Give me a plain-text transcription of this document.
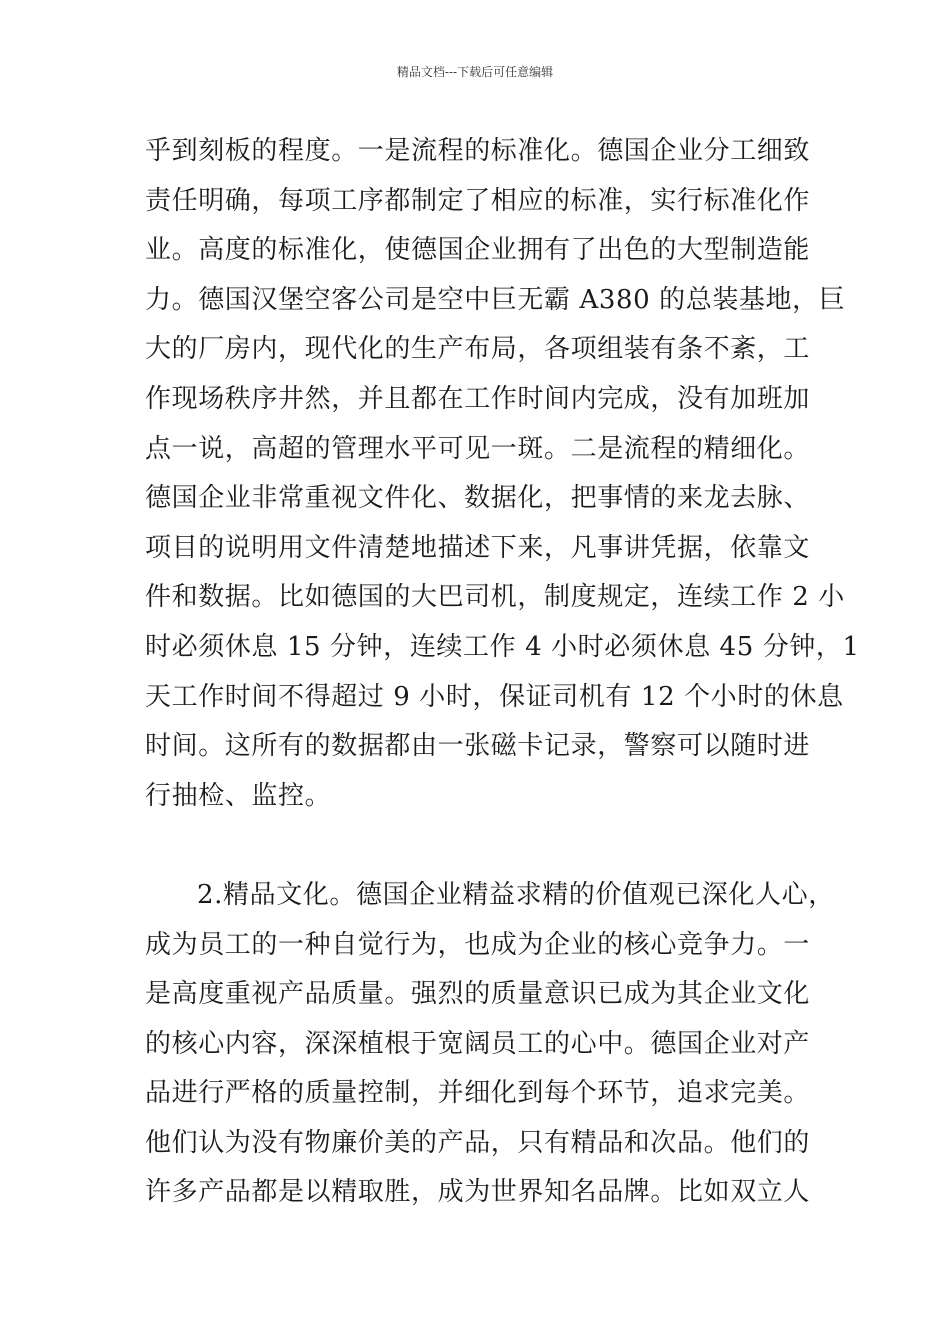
精品文档---下载后可任意编辑
乎到刻板的程度。一是流程的标准化。德国企业分工细致
责任明确，每项工序都制定了相应的标准，实行标准化作
业。高度的标准化，使德国企业拥有了出色的大型制造能
力。德国汉堡空客公司是空中巨无霸 A380 的总装基地，巨
大的厂房内，现代化的生产布局，各项组装有条不紊，工
作现场秩序井然，并且都在工作时间内完成，没有加班加
点一说，高超的管理水平可见一斑。二是流程的精细化。
德国企业非常重视文件化、数据化，把事情的来龙去脉、
项目的说明用文件清楚地描述下来，凡事讲凭据，依靠文
件和数据。比如德国的大巴司机，制度规定，连续工作 2 小
时必须休息 15 分钟，连续工作 4 小时必须休息 45 分钟，1
天工作时间不得超过 9 小时，保证司机有 12 个小时的休息
时间。这所有的数据都由一张磁卡记录，警察可以随时进
行抽检、监控。
2.精品文化。德国企业精益求精的价值观已深化人心，
成为员工的一种自觉行为，也成为企业的核心竞争力。一
是高度重视产品质量。强烈的质量意识已成为其企业文化
的核心内容，深深植根于宽阔员工的心中。德国企业对产
品进行严格的质量控制，并细化到每个环节，追求完美。
他们认为没有物廉价美的产品，只有精品和次品。他们的
许多产品都是以精取胜，成为世界知名品牌。比如双立人
